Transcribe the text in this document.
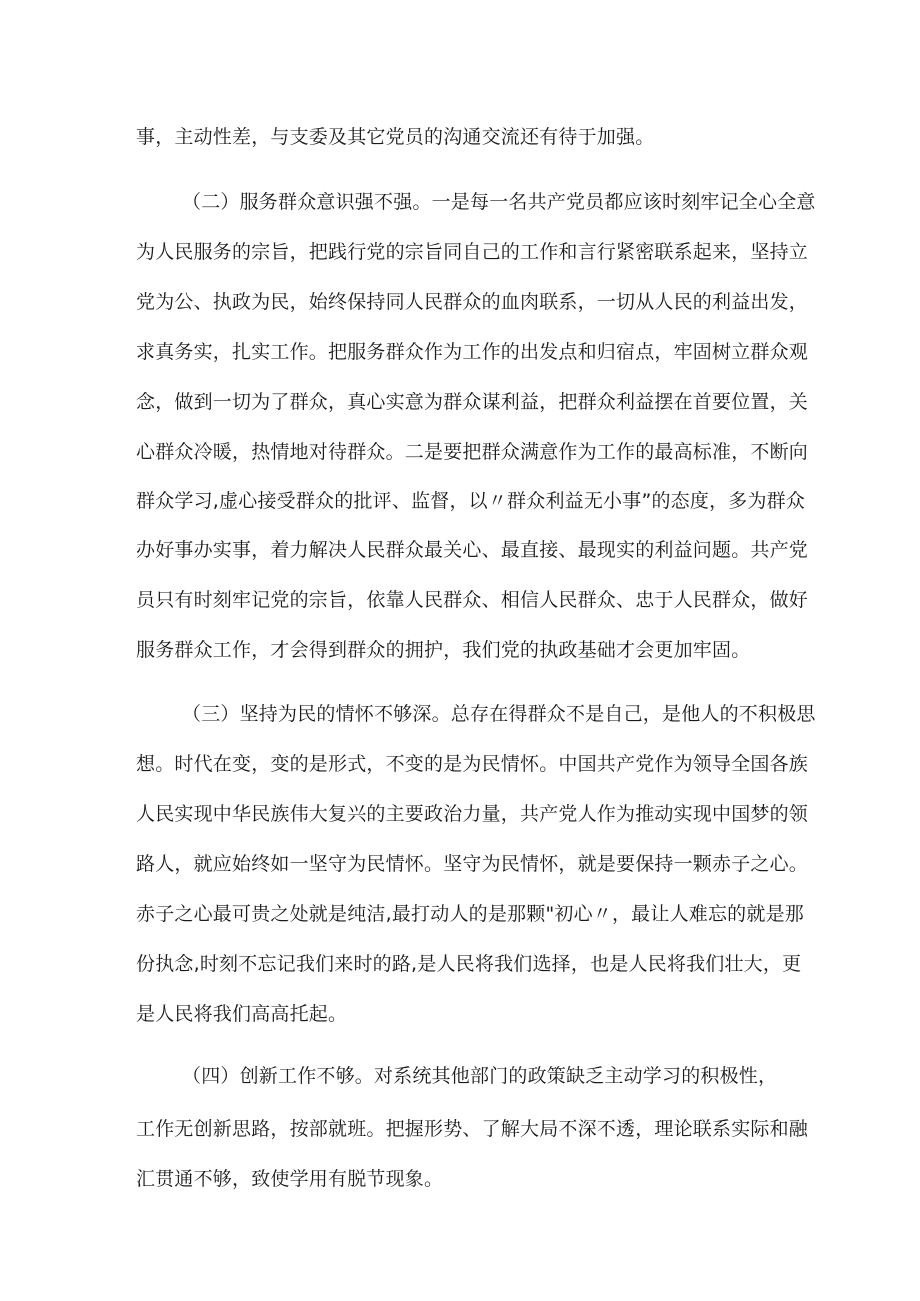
事，主动性差，与支委及其它党员的沟通交流还有待于加强。
（二）服务群众意识强不强。一是每一名共产党员都应该时刻牢记全心全意
为人民服务的宗旨，把践行党的宗旨同自己的工作和言行紧密联系起来，坚持立
党为公、执政为民，始终保持同人民群众的血肉联系，一切从人民的利益出发，
求真务实，扎实工作。把服务群众作为工作的出发点和归宿点，牢固树立群众观
念，做到一切为了群众，真心实意为群众谋利益，把群众利益摆在首要位置，关
心群众冷暖，热情地对待群众。二是要把群众满意作为工作的最高标准，不断向
群众学习,虚心接受群众的批评、监督，以〃群众利益无小事”的态度，多为群众
办好事办实事，着力解决人民群众最关心、最直接、最现实的利益问题。共产党
员只有时刻牢记党的宗旨，依靠人民群众、相信人民群众、忠于人民群众，做好
服务群众工作，才会得到群众的拥护，我们党的执政基础才会更加牢固。
（三）坚持为民的情怀不够深。总存在得群众不是自己，是他人的不积极思
想。时代在变，变的是形式，不变的是为民情怀。中国共产党作为领导全国各族
人民实现中华民族伟大复兴的主要政治力量，共产党人作为推动实现中国梦的领
路人，就应始终如一坚守为民情怀。坚守为民情怀，就是要保持一颗赤子之心。
赤子之心最可贵之处就是纯洁,最打动人的是那颗"初心〃，最让人难忘的就是那
份执念,时刻不忘记我们来时的路,是人民将我们选择，也是人民将我们壮大，更
是人民将我们高高托起。
（四）创新工作不够。对系统其他部门的政策缺乏主动学习的积极性，
工作无创新思路，按部就班。把握形势、了解大局不深不透，理论联系实际和融
汇贯通不够，致使学用有脱节现象。
